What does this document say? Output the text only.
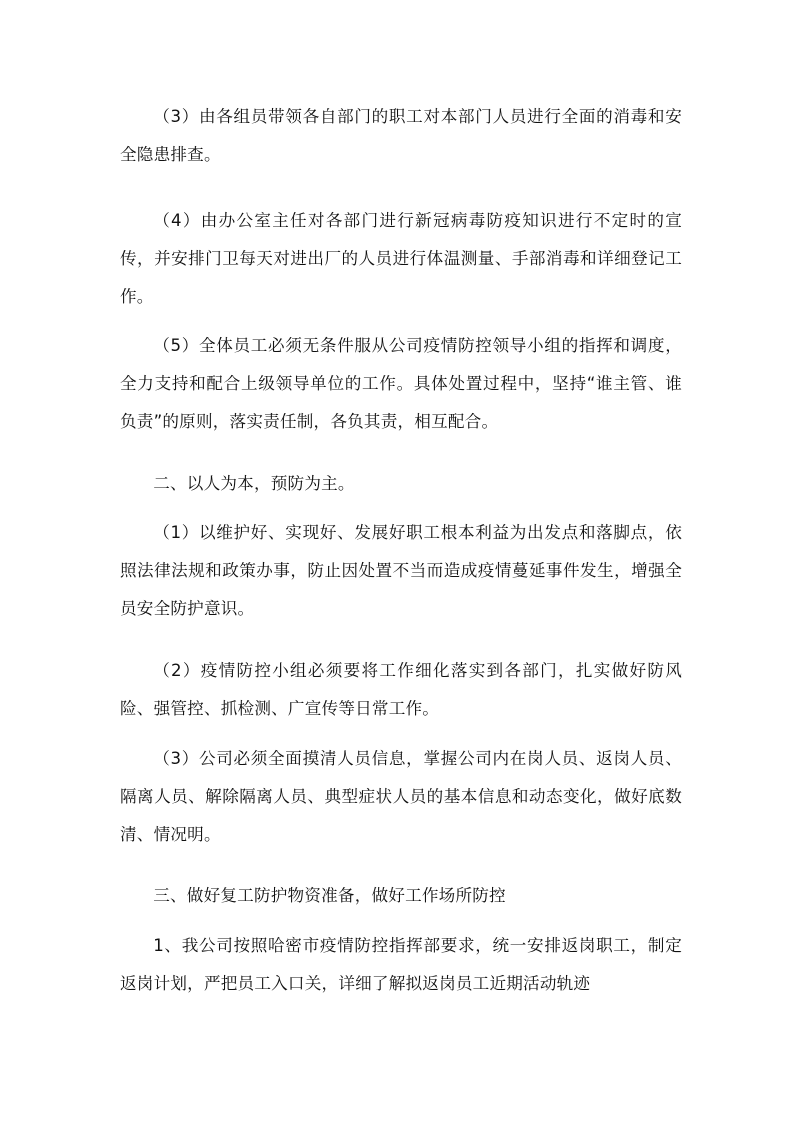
（3）由各组员带领各自部门的职工对本部门人员进行全面的消毒和安全隐患排查。

（4）由办公室主任对各部门进行新冠病毒防疫知识进行不定时的宣传，并安排门卫每天对进出厂的人员进行体温测量、手部消毒和详细登记工作。

（5）全体员工必须无条件服从公司疫情防控领导小组的指挥和调度，全力支持和配合上级领导单位的工作。具体处置过程中，坚持“谁主管、谁负责”的原则，落实责任制，各负其责，相互配合。

二、以人为本，预防为主。

（1）以维护好、实现好、发展好职工根本利益为出发点和落脚点，依照法律法规和政策办事，防止因处置不当而造成疫情蔓延事件发生，增强全员安全防护意识。

（2）疫情防控小组必须要将工作细化落实到各部门，扎实做好防风险、强管控、抓检测、广宣传等日常工作。

（3）公司必须全面摸清人员信息，掌握公司内在岗人员、返岗人员、隔离人员、解除隔离人员、典型症状人员的基本信息和动态变化，做好底数清、情况明。

三、做好复工防护物资准备，做好工作场所防控

1、我公司按照哈密市疫情防控指挥部要求，统一安排返岗职工，制定返岗计划，严把员工入口关，详细了解拟返岗员工近期活动轨迹
